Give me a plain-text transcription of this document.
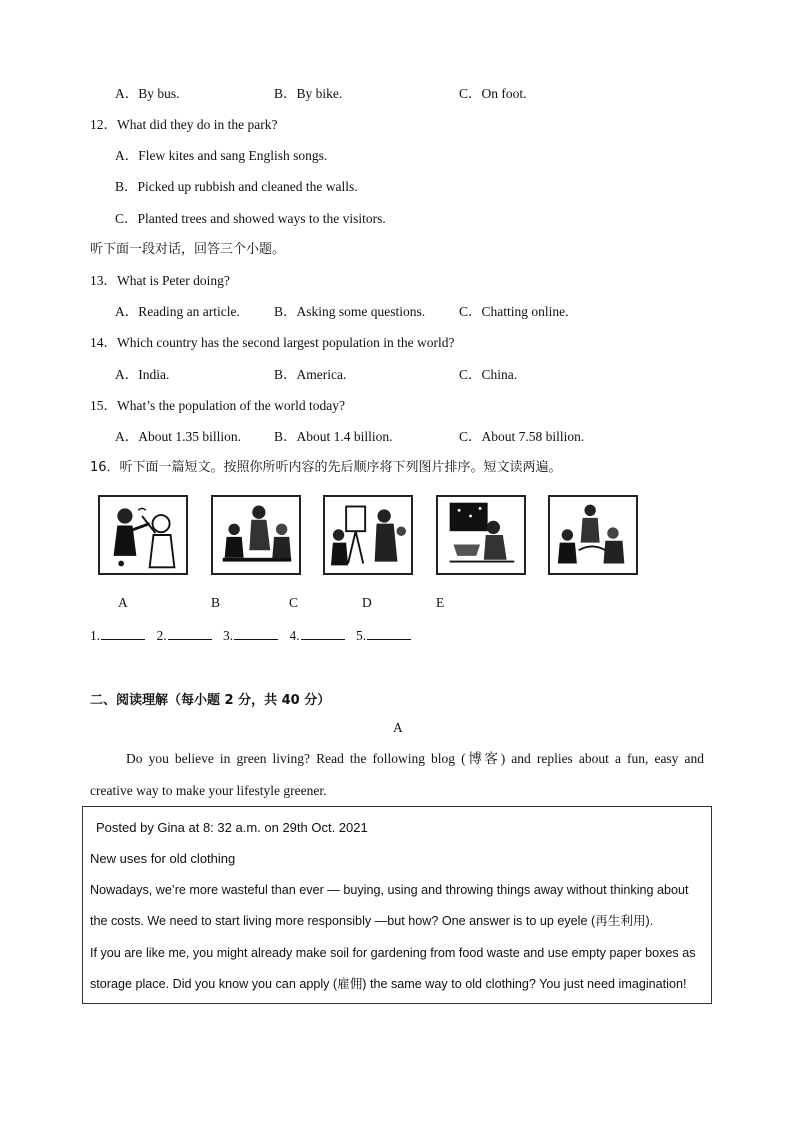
A．By bus.	B．By bike.	C．On foot.
12．What did they do in the park?
A．Flew kites and sang English songs.
B．Picked up rubbish and cleaned the walls.
C．Planted trees and showed ways to the visitors.
听下面一段对话，回答三个小题。
13．What is Peter doing?
A．Reading an article.	B．Asking some questions.	C．Chatting online.
14．Which country has the second largest population in the world?
A．India.	B．America.	C．China.
15．What’s the population of the world today?
A．About 1.35 billion. B．About 1.4 billion.	C．About 7.58 billion.
16．听下面一篇短文。按照你所听内容的先后顺序将下列图片排序。短文读两遍。
A	B	C	D	E
1.	2.	3.	4.	5.
二、阅读理解（每小题 2 分，共 40 分）
A
Do you believe in green living? Read the following blog (博客) and replies about a fun, easy and
creative way to make your lifestyle greener.
Posted by Gina at 8: 32 a.m. on 29th Oct. 2021
New uses for old clothing
Nowadays, we’re more wasteful than ever — buying, using and throwing things away without thinking about
the costs. We need to start living more responsibly —but how? One answer is to up eyele (再生利用).
If you are like me, you might already make soil for gardening from food waste and use empty paper boxes as
storage place. Did you know you can apply (雇佣) the same way to old clothing? You just need imagination!
